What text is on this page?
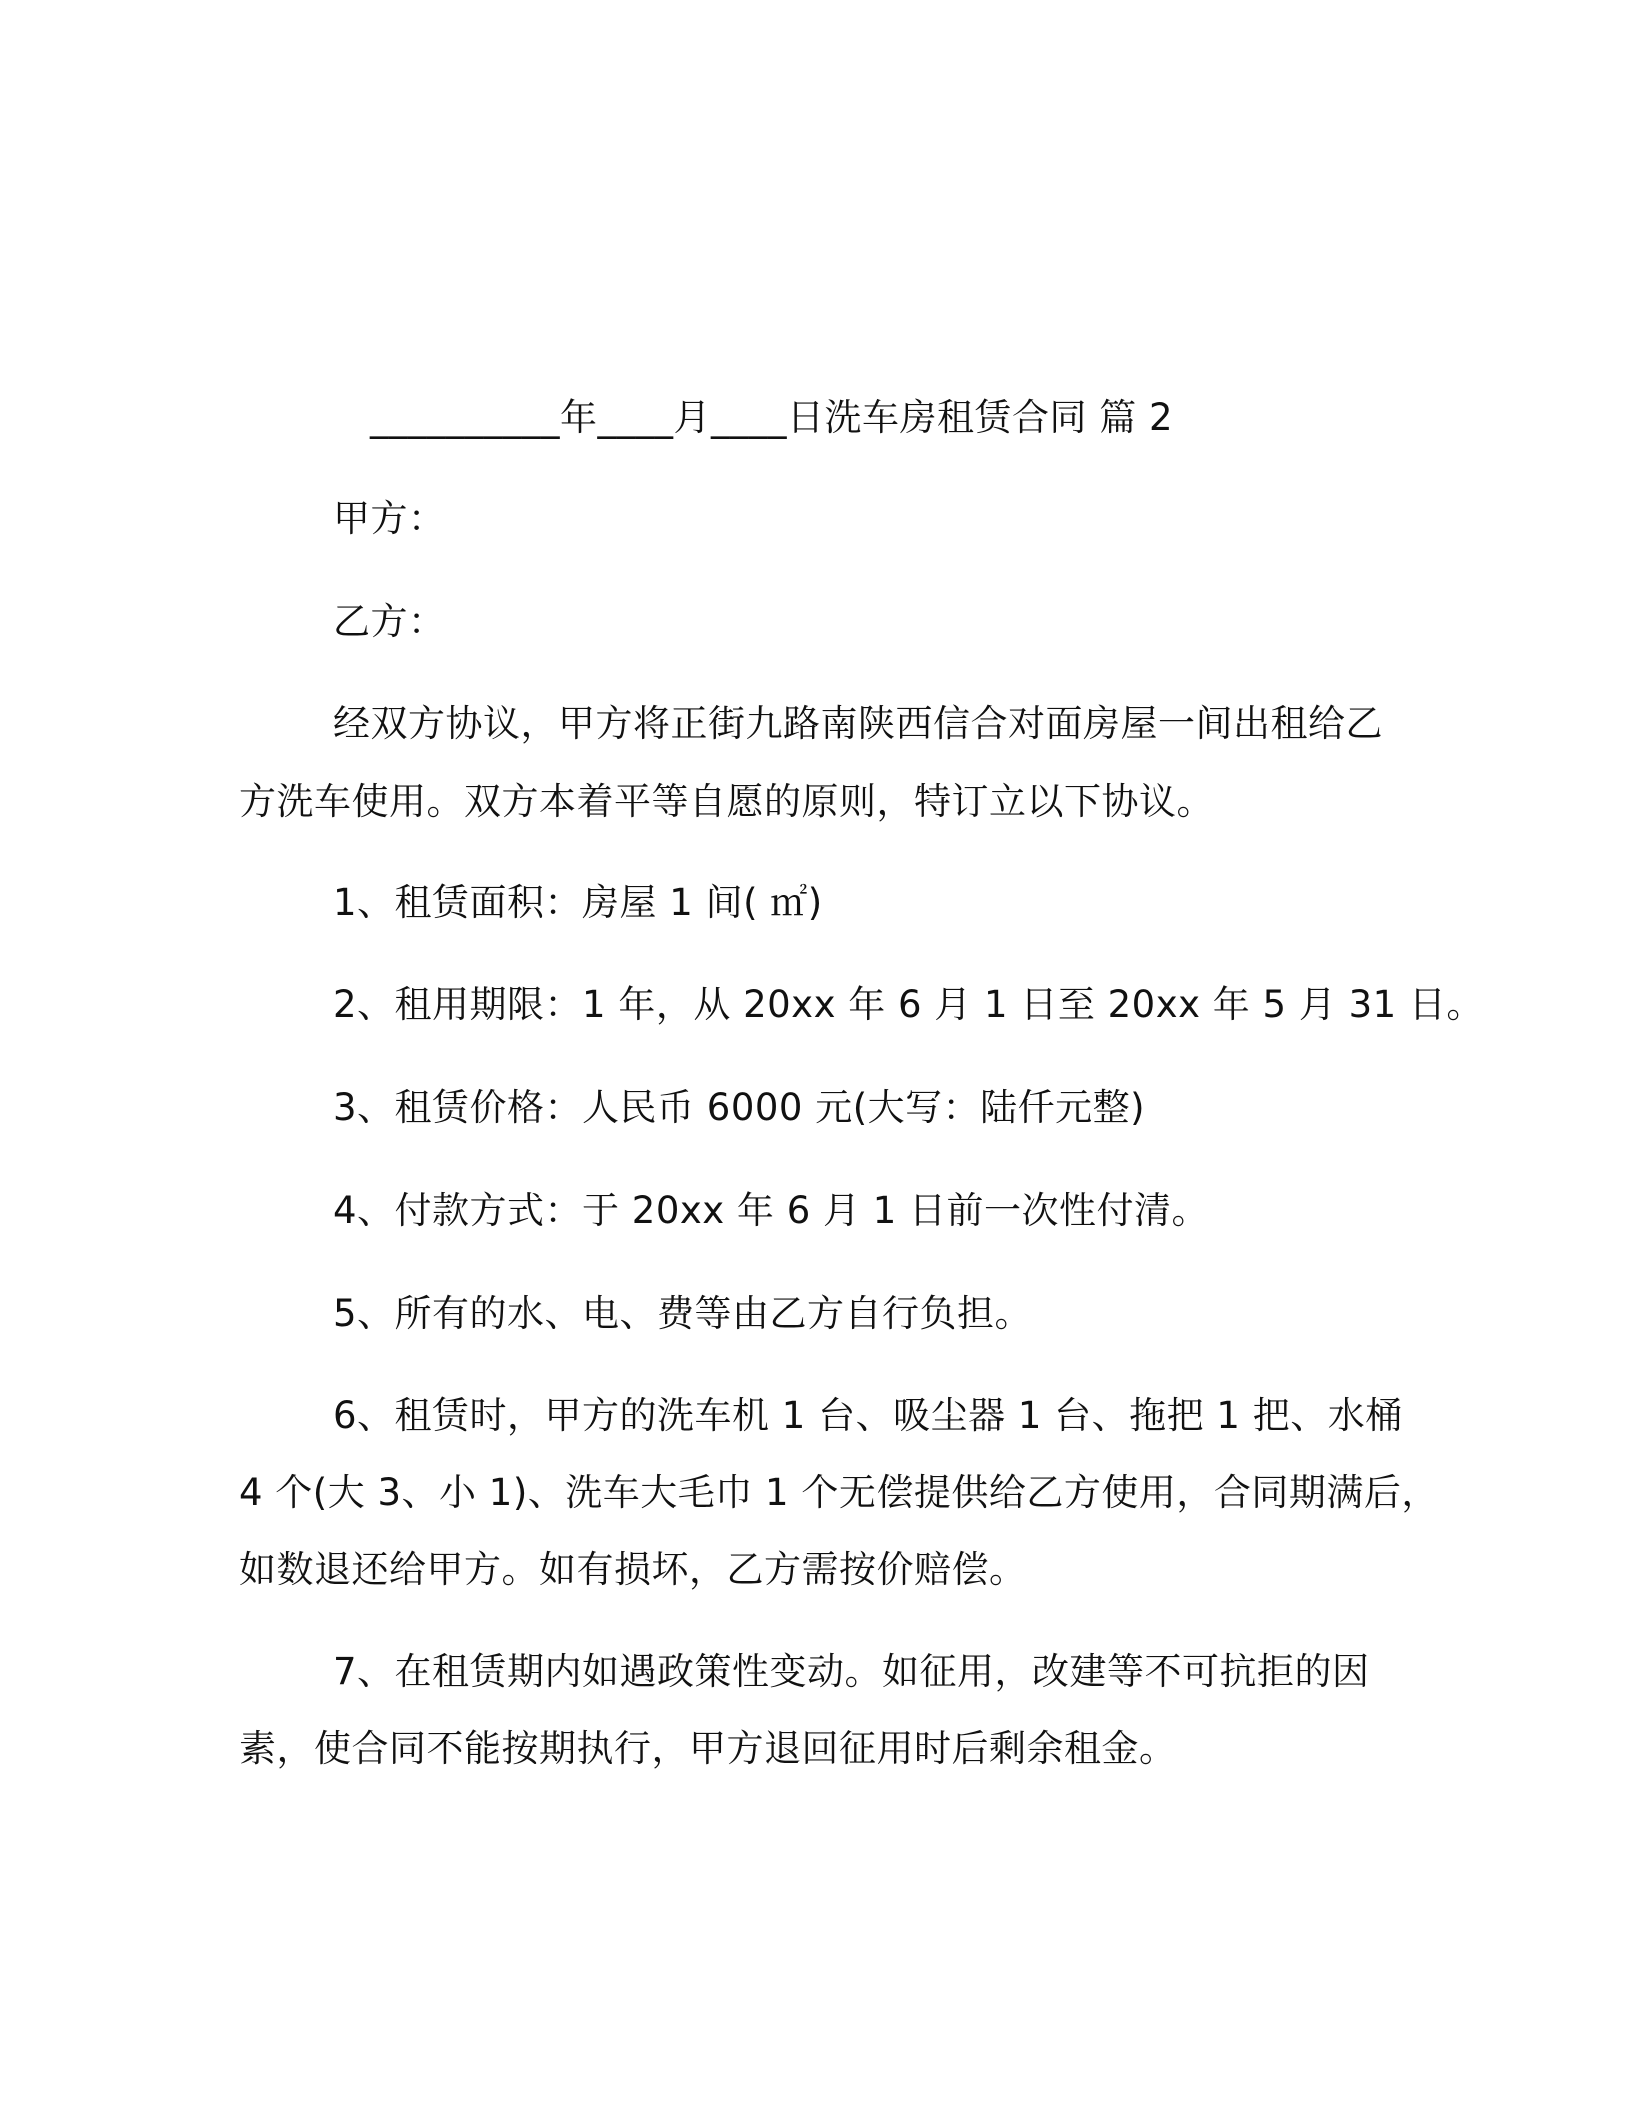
__________年____月____日洗车房租赁合同 篇 2
甲方：
乙方：
经双方协议，甲方将正街九路南陕西信合对面房屋一间出租给乙
方洗车使用。双方本着平等自愿的原则，特订立以下协议。
1、租赁面积：房屋 1 间( ㎡)
2、租用期限：1 年，从 20xx 年 6 月 1 日至 20xx 年 5 月 31 日。
3、租赁价格：人民币 6000 元(大写：陆仟元整)
4、付款方式：于 20xx 年 6 月 1 日前一次性付清。
5、所有的水、电、费等由乙方自行负担。
6、租赁时，甲方的洗车机 1 台、吸尘器 1 台、拖把 1 把、水桶
4 个(大 3、小 1)、洗车大毛巾 1 个无偿提供给乙方使用，合同期满后，
如数退还给甲方。如有损坏，乙方需按价赔偿。
7、在租赁期内如遇政策性变动。如征用，改建等不可抗拒的因
素，使合同不能按期执行，甲方退回征用时后剩余租金。
